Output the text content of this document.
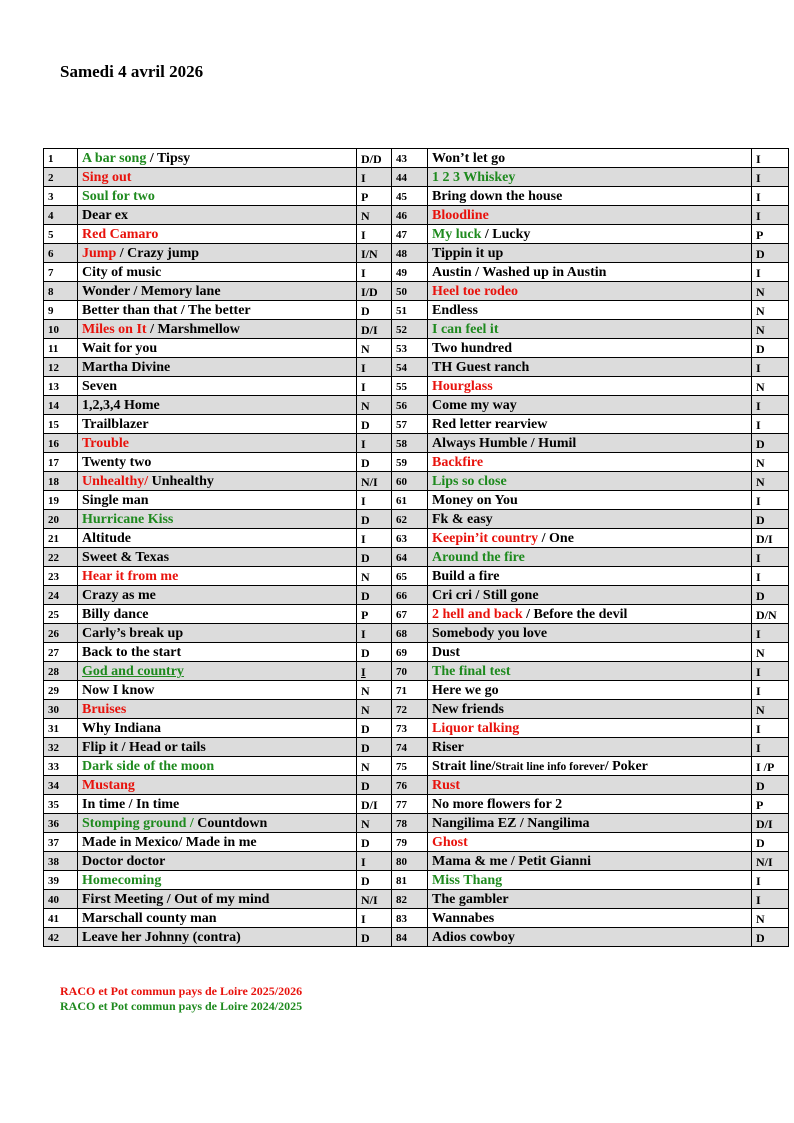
Samedi 4 avril 2026
1	A bar song / Tipsy	D/D	43	Won’t let go	I
2	Sing out	I	44	1 2 3 Whiskey	I
3	Soul for two	P	45	Bring down the house	I
4	Dear ex	N	46	Bloodline	I
5	Red Camaro	I	47	My luck / Lucky	P
6	Jump / Crazy jump	I/N	48	Tippin it up	D
7	City of music	I	49	Austin / Washed up in Austin	I
8	Wonder / Memory lane	I/D	50	Heel toe rodeo	N
9	Better than that / The better	D	51	Endless	N
10	Miles on It / Marshmellow	D/I	52	I can feel it	N
11	Wait for you	N	53	Two hundred	D
12	Martha Divine	I	54	TH Guest ranch	I
13	Seven	I	55	Hourglass	N
14	1,2,3,4 Home	N	56	Come my way	I
15	Trailblazer	D	57	Red letter rearview	I
16	Trouble	I	58	Always Humble / Humil	D
17	Twenty two	D	59	Backfire	N
18	Unhealthy/ Unhealthy	N/I	60	Lips so close	N
19	Single man	I	61	Money on You	I
20	Hurricane Kiss	D	62	Fk & easy	D
21	Altitude	I	63	Keepin’it country / One	D/I
22	Sweet & Texas	D	64	Around the fire	I
23	Hear it from me	N	65	Build a fire	I
24	Crazy as me	D	66	Cri cri / Still gone	D
25	Billy dance	P	67	2 hell and back / Before the devil	D/N
26	Carly’s break up	I	68	Somebody you love	I
27	Back to the start	D	69	Dust	N
28	God and country	I	70	The final test	I
29	Now I know	N	71	Here we go	I
30	Bruises	N	72	New friends	N
31	Why Indiana	D	73	Liquor talking	I
32	Flip it / Head or tails	D	74	Riser	I
33	Dark side of the moon	N	75	Strait line/Strait line info forever/ Poker	I /P
34	Mustang	D	76	Rust	D
35	In time / In time	D/I	77	No more flowers for 2	P
36	Stomping ground / Countdown	N	78	Nangilima EZ / Nangilima	D/I
37	Made in Mexico/ Made in me	D	79	Ghost	D
38	Doctor doctor	I	80	Mama & me / Petit Gianni	N/I
39	Homecoming	D	81	Miss Thang	I
40	First Meeting / Out of my mind	N/I	82	The gambler	I
41	Marschall county man	I	83	Wannabes	N
42	Leave her Johnny (contra)	D	84	Adios cowboy	D
RACO et Pot commun pays de Loire 2025/2026
RACO et Pot commun pays de Loire 2024/2025
